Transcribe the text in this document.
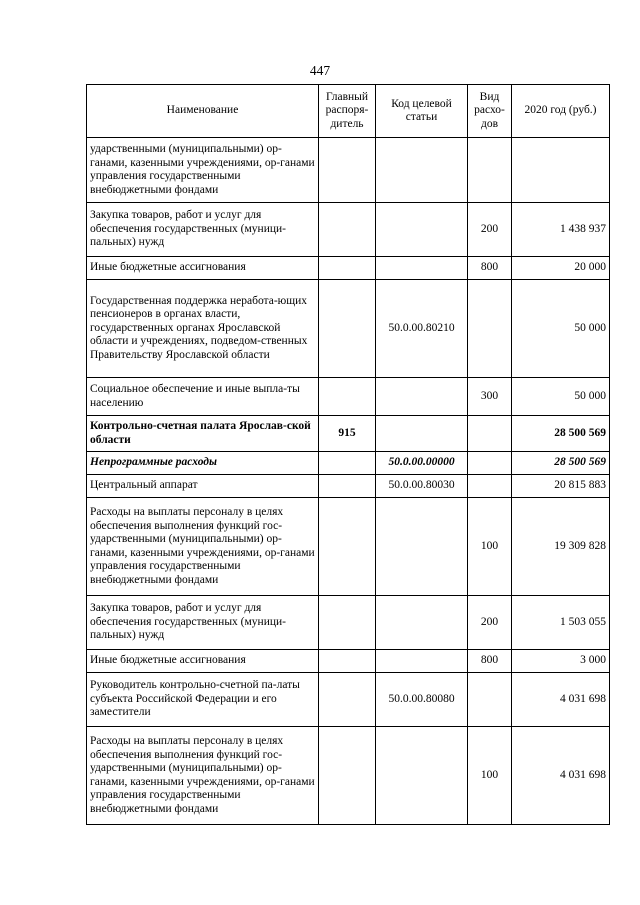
447
Наименование	Главный распоря-дитель	Код целевой статьи	Вид расхо-дов	2020 год (руб.)
ударственными (муниципальными) ор-ганами, казенными учреждениями, ор-ганами управления государственными внебюджетными фондами				
Закупка товаров, работ и услуг для обеспечения государственных (муници-пальных) нужд			200	1 438 937
Иные бюджетные ассигнования			800	20 000
Государственная поддержка неработа-ющих пенсионеров в органах власти, государственных органах Ярославской области и учреждениях, подведом-ственных Правительству Ярославской области		50.0.00.80210		50 000
Социальное обеспечение и иные выпла-ты населению			300	50 000
Контрольно-счетная палата Ярослав-ской области	915			28 500 569
Непрограммные расходы		50.0.00.00000		28 500 569
Центральный аппарат		50.0.00.80030		20 815 883
Расходы на выплаты персоналу в целях обеспечения выполнения функций гос-ударственными (муниципальными) ор-ганами, казенными учреждениями, ор-ганами управления государственными внебюджетными фондами			100	19 309 828
Закупка товаров, работ и услуг для обеспечения государственных (муници-пальных) нужд			200	1 503 055
Иные бюджетные ассигнования			800	3 000
Руководитель контрольно-счетной па-латы субъекта Российской Федерации и его заместители		50.0.00.80080		4 031 698
Расходы на выплаты персоналу в целях обеспечения выполнения функций гос-ударственными (муниципальными) ор-ганами, казенными учреждениями, ор-ганами управления государственными внебюджетными фондами			100	4 031 698
